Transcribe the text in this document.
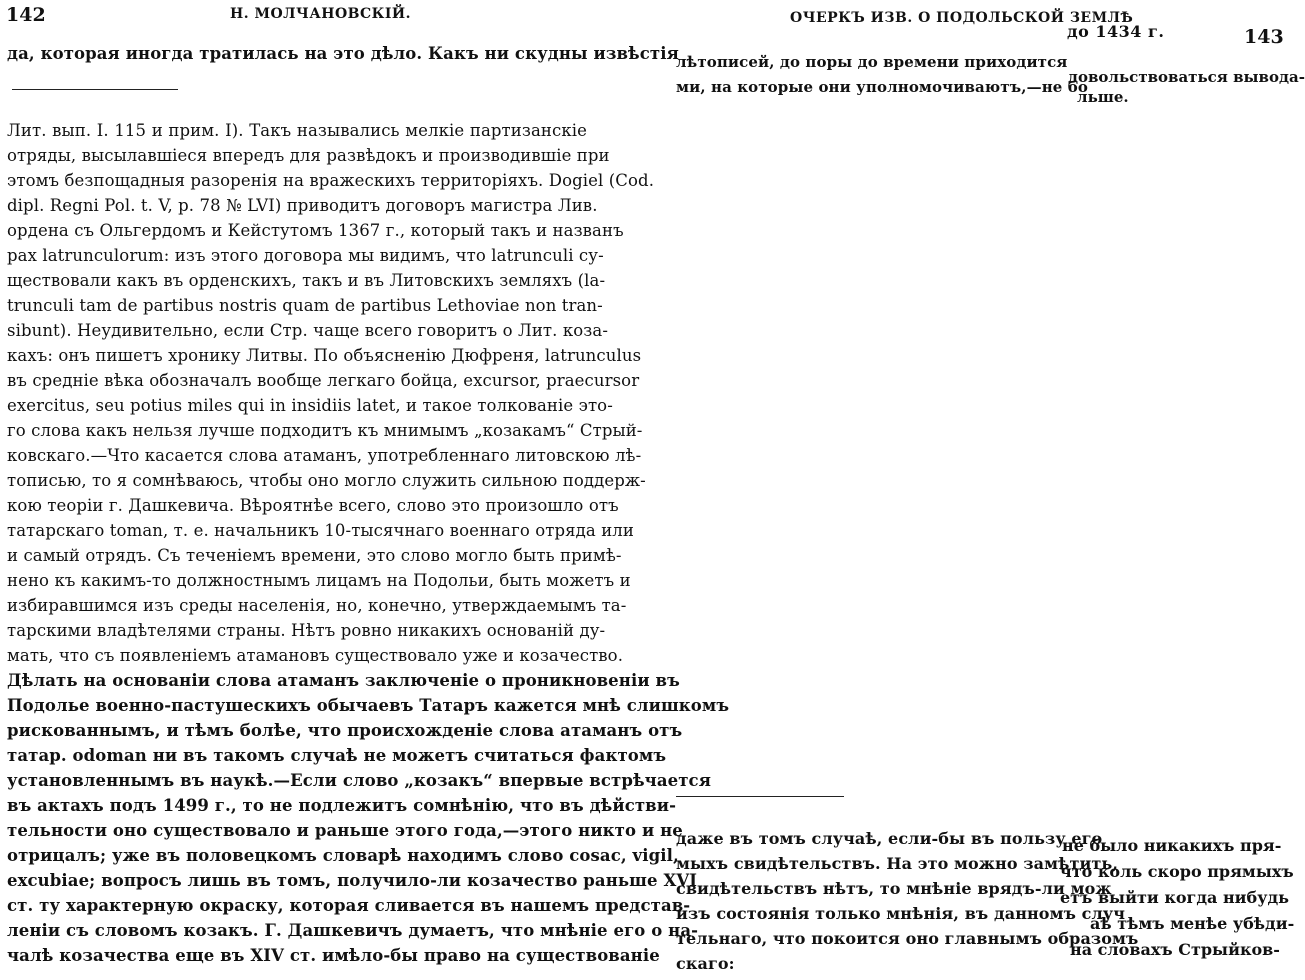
142	Н. МОЛЧАНОВСКІЙ.
да, которая иногда тратилась на это дѣло. Какъ ни скудны извѣстія
Лит. вып. I. 115 и прим. I). Такъ назывались мелкіе партизанскіе
отряды, высылавшіеся впередъ для развѣдокъ и производившіе при
этомъ безпощадныя разоренія на вражескихъ территоріяхъ. Dogiel (Cod.
dipl. Regni Pol. t. V, p. 78 № LVI) приводитъ договоръ магистра Лив.
ордена съ Ольгердомъ и Кейстутомъ 1367 г., который такъ и названъ
pax latrunculorum: изъ этого договора мы видимъ, что latrunculi су-
ществовали какъ въ орденскихъ, такъ и въ Литовскихъ земляхъ (la-
trunculi tam de partibus nostris quam de partibus Lethoviae non tran-
sibunt). Неудивительно, если Стр. чаще всего говоритъ о Лит. коза-
кахъ: онъ пишетъ хронику Литвы. По объясненію Дюфреня, latrunculus
въ средніе вѣка обозначалъ вообще легкаго бойца, excursor, praecursor
exercitus, seu potius miles qui in insidiis latet, и такое толкованіе это-
го слова какъ нельзя лучше подходитъ къ мнимымъ „козакамъ“ Стрый-
ковскаго.—Что касается слова атаманъ, употребленнаго литовскою лѣ-
тописью, то я сомнѣваюсь, чтобы оно могло служить сильною поддерж-
кою теоріи г. Дашкевича. Вѣроятнѣе всего, слово это произошло отъ
татарскаго toman, т. е. начальникъ 10-тысячнаго военнаго отряда или
и самый отрядъ. Съ теченіемъ времени, это слово могло быть примѣ-
нено къ какимъ-то должностнымъ лицамъ на Подольи, быть можетъ и
избиравшимся изъ среды населенія, но, конечно, утверждаемымъ та-
тарскими владѣтелями страны. Нѣтъ ровно никакихъ основаній ду-
мать, что съ появленіемъ атамановъ существовало уже и козачество.
Дѣлать на основаніи слова атаманъ заключеніе о проникновеніи въ
Подолье военно-пастушескихъ обычаевъ Татаръ кажется мнѣ слишкомъ
рискованнымъ, и тѣмъ болѣе, что происхожденіе слова атаманъ отъ
татар. odoman ни въ такомъ случаѣ не можетъ считаться фактомъ
установленнымъ въ наукѣ.—Если слово „козакъ“ впервые встрѣчается
въ актахъ подъ 1499 г., то не подлежитъ сомнѣнію, что въ дѣйстви-
тельности оно существовало и раньше этого года,—этого никто и не
отрицалъ; уже въ половецкомъ словарѣ находимъ слово cosac, vigil,
excubiae; вопросъ лишь въ томъ, получило-ли козачество раньше XVI
ст. ту характерную окраску, которая сливается въ нашемъ представ-
леніи съ словомъ козакъ. Г. Дашкевичъ думаетъ, что мнѣніе его о на-
чалѣ козачества еще въ XIV ст. имѣло-бы право на существованіе
ОЧЕРКЪ ИЗВ. О ПОДОЛЬСКОЙ ЗЕМЛѢ
до 1434 г.	143
лѣтописей, до поры до времени приходится
ми, на которые они уполномочиваютъ,—не бо
довольствоваться вывода-
льше.
даже въ томъ случаѣ, если-бы въ пользу его
мыхъ свидѣтельствъ. На это можно замѣтить,
свидѣтельствъ нѣтъ, то мнѣніе врядъ-ли мож
изъ состоянія только мнѣнія, въ данномъ случ
тельнаго, что покоится оно главнымъ образомъ
скаго:
не было никакихъ пря-
что коль скоро прямыхъ
етъ выйти когда нибудь
аѣ тѣмъ менѣе убѣди-
на словахъ Стрыйков-
